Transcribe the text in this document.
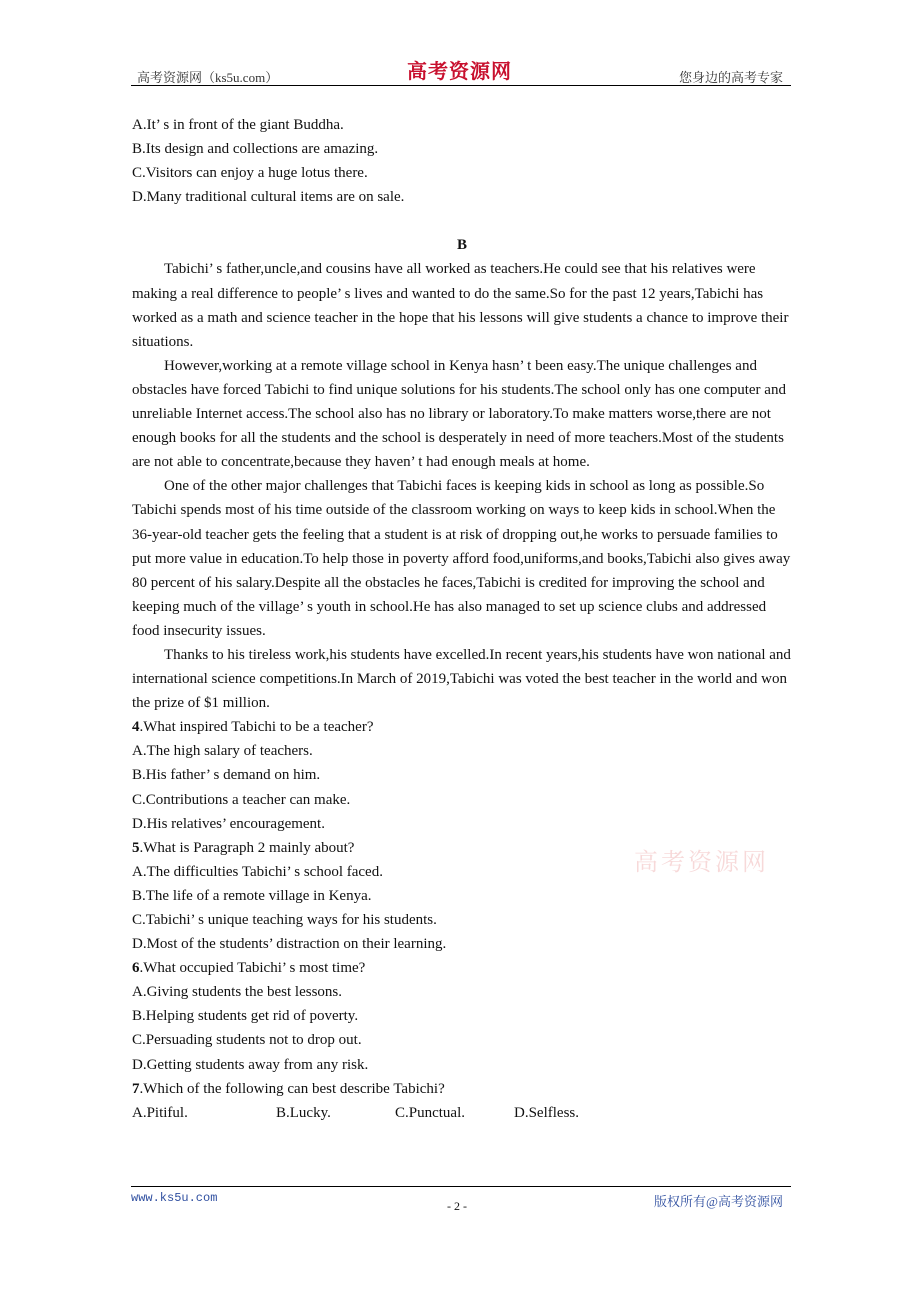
高考资源网（ks5u.com）	高考资源网	您身边的高考专家

A.It’ s in front of the giant Buddha.

B.Its design and collections are amazing.

C.Visitors can enjoy a huge lotus there.

D.Many traditional cultural items are on sale.

B

Tabichi’ s father,uncle,and cousins have all worked as teachers.He could see that his relatives were making a real difference to people’ s lives and wanted to do the same.So for the past 12 years,Tabichi has worked as a math and science teacher in the hope that his lessons will give students a chance to improve their situations.

However,working at a remote village school in Kenya hasn’ t been easy.The unique challenges and obstacles have forced Tabichi to find unique solutions for his students.The school only has one computer and unreliable Internet access.The school also has no library or laboratory.To make matters worse,there are not enough books for all the students and the school is desperately in need of more teachers.Most of the students are not able to concentrate,because they haven’ t had enough meals at home.

One of the other major challenges that Tabichi faces is keeping kids in school as long as possible.So Tabichi spends most of his time outside of the classroom working on ways to keep kids in school.When the 36-year-old teacher gets the feeling that a student is at risk of dropping out,he works to persuade families to put more value in education.To help those in poverty afford food,uniforms,and books,Tabichi also gives away 80 percent of his salary.Despite all the obstacles he faces,Tabichi is credited for improving the school and keeping much of the village’ s youth in school.He has also managed to set up science clubs and addressed food insecurity issues.

Thanks to his tireless work,his students have excelled.In recent years,his students have won national and international science competitions.In March of 2019,Tabichi was voted the best teacher in the world and won the prize of $1 million.

4.What inspired Tabichi to be a teacher?

A.The high salary of teachers.

B.His father’ s demand on him.

C.Contributions a teacher can make.

D.His relatives’ encouragement.

5.What is Paragraph 2 mainly about?

A.The difficulties Tabichi’ s school faced.

B.The life of a remote village in Kenya.

C.Tabichi’ s unique teaching ways for his students.

D.Most of the students’ distraction on their learning.

6.What occupied Tabichi’ s most time?

A.Giving students the best lessons.

B.Helping students get rid of poverty.

C.Persuading students not to drop out.

D.Getting students away from any risk.

7.Which of the following can best describe Tabichi?

A.Pitiful.	B.Lucky.	C.Punctual.	D.Selfless.
高考资源网
www.ks5u.com
- 2 -	版权所有@高考资源网
